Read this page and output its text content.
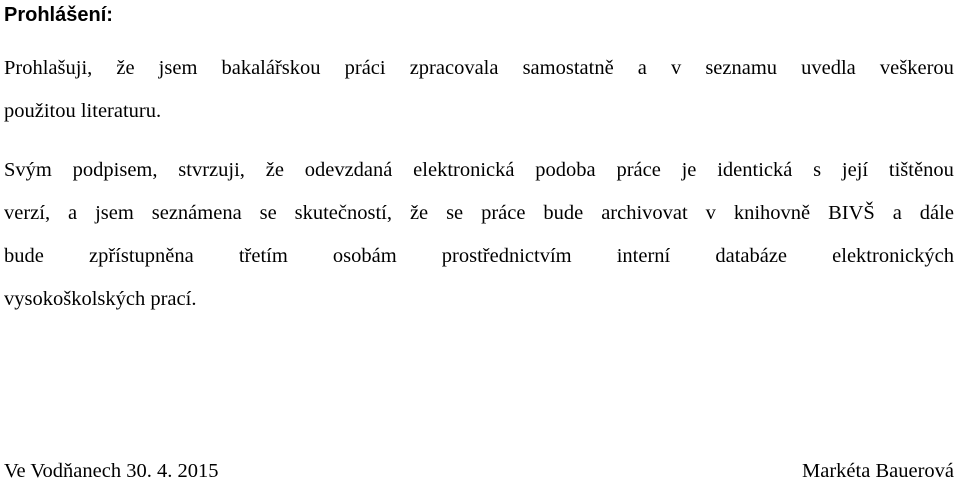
Prohlášení:
Prohlašuji, že jsem bakalářskou práci zpracovala samostatně a v seznamu uvedla veškerou
použitou literaturu.
Svým podpisem, stvrzuji, že odevzdaná elektronická podoba práce je identická s její tištěnou
verzí, a jsem seznámena se skutečností, že se práce bude archivovat v knihovně BIVŠ a dále
bude zpřístupněna třetím osobám prostřednictvím interní databáze elektronických
vysokoškolských prací.

Ve Vodňanech 30. 4. 2015	Markéta Bauerová
